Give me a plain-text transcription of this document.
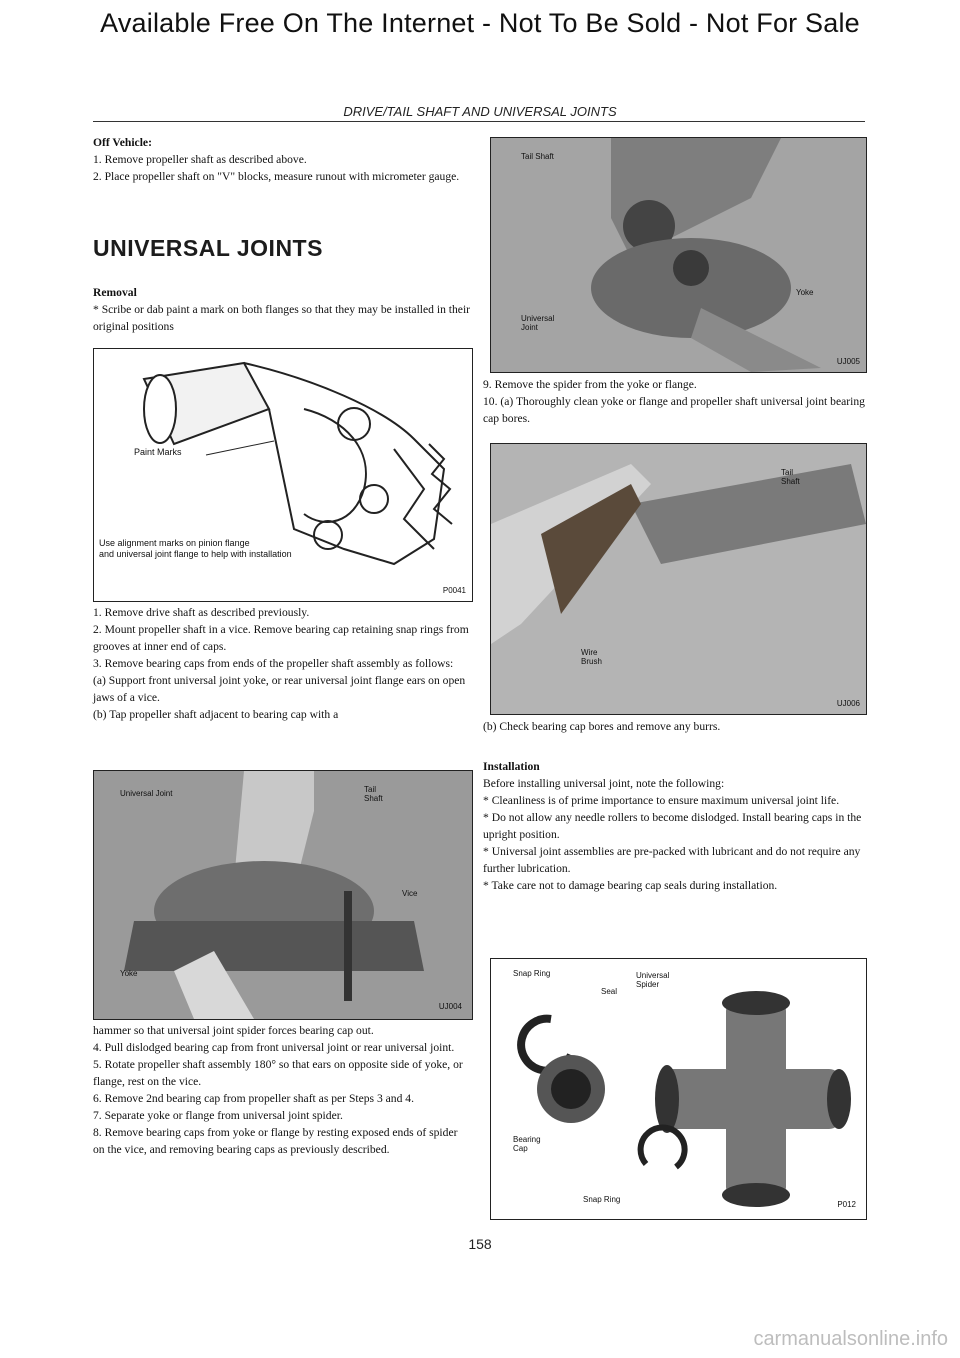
Available Free On The Internet - Not To Be Sold - Not For Sale
DRIVE/TAIL SHAFT AND UNIVERSAL JOINTS

Off Vehicle:

1. Remove propeller shaft as described above.

2. Place propeller shaft on "V" blocks, measure runout with micrometer gauge.

UNIVERSAL JOINTS

Removal

* Scribe or dab paint a mark on both flanges so that they may be installed in their original positions

Paint Marks
Use alignment marks on pinion flange
and universal joint flange to help with installation
P0041

1. Remove drive shaft as described previously.

2. Mount propeller shaft in a vice. Remove bearing cap retaining snap rings from grooves at inner end of caps.

3. Remove bearing caps from ends of the propeller shaft assembly as follows:

(a) Support front universal joint yoke, or rear universal joint flange ears on open jaws of a vice.

(b) Tap propeller shaft adjacent to bearing cap with a

Universal Joint	Tail Shaft
Vice
Yoke
UJ004

hammer so that universal joint spider forces bearing cap out.

4. Pull dislodged bearing cap from front universal joint or rear universal joint.

5. Rotate propeller shaft assembly 180° so that ears on opposite side of yoke, or flange, rest on the vice.

6. Remove 2nd bearing cap from propeller shaft as per Steps 3 and 4.

7. Separate yoke or flange from universal joint spider.

8. Remove bearing caps from yoke or flange by resting exposed ends of spider on the vice, and removing bearing caps as previously described.

Tail Shaft
Yoke
Universal Joint
UJ005

9. Remove the spider from the yoke or flange.

10. (a) Thoroughly clean yoke or flange and propeller shaft universal joint bearing cap bores.

Tail Shaft
Wire Brush
UJ006

(b) Check bearing cap bores and remove any burrs.

Installation

Before installing universal joint, note the following:

* Cleanliness is of prime importance to ensure maximum universal joint life.

* Do not allow any needle rollers to become dislodged. Install bearing caps in the upright position.

* Universal joint assemblies are pre-packed with lubricant and do not require any further lubrication.

* Take care not to damage bearing cap seals during installation.

Snap Ring
Seal
Universal Spider
Bearing Cap
Snap Ring
P012
158
carmanualsonline.info
